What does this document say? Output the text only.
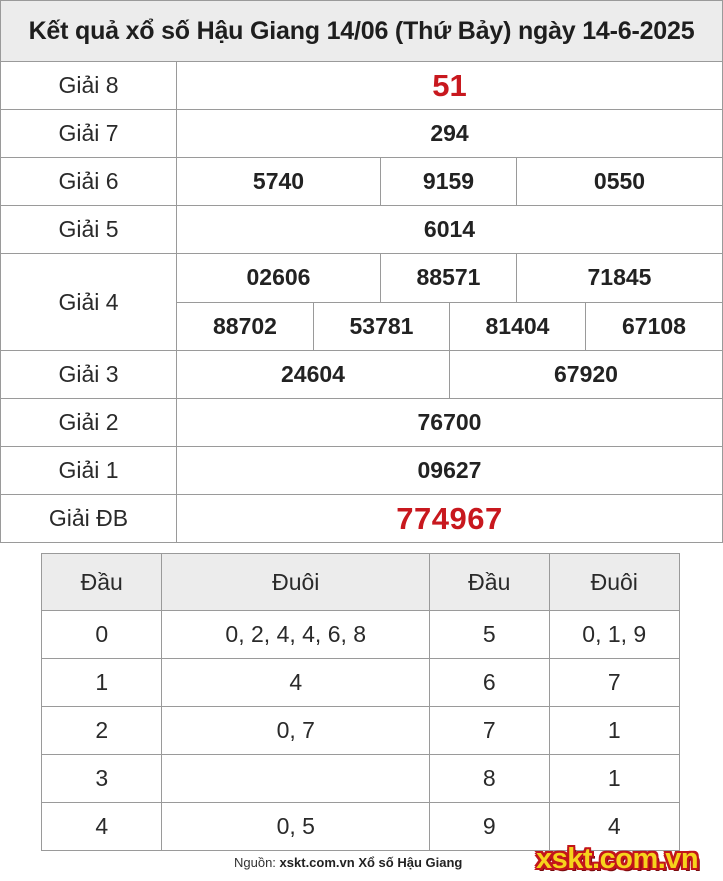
Kết quả xổ số Hậu Giang 14/06 (Thứ Bảy) ngày 14-6-2025
Giải 8	51
Giải 7	294
Giải 6	5740	9159	0550
Giải 5	6014
Giải 4
02606	88571	71845
88702	53781	81404	67108
Giải 3	24604	67920
Giải 2	76700
Giải 1	09627
Giải ĐB	774967
Đầu	Đuôi	Đầu	Đuôi
0	0, 2, 4, 4, 6, 8	5	0, 1, 9
1	4	6	7
2	0, 7	7	1
3		8	1
4	0, 5	9	4
Nguồn: xskt.com.vn Xổ số Hậu Giang	xskt.com.vn
